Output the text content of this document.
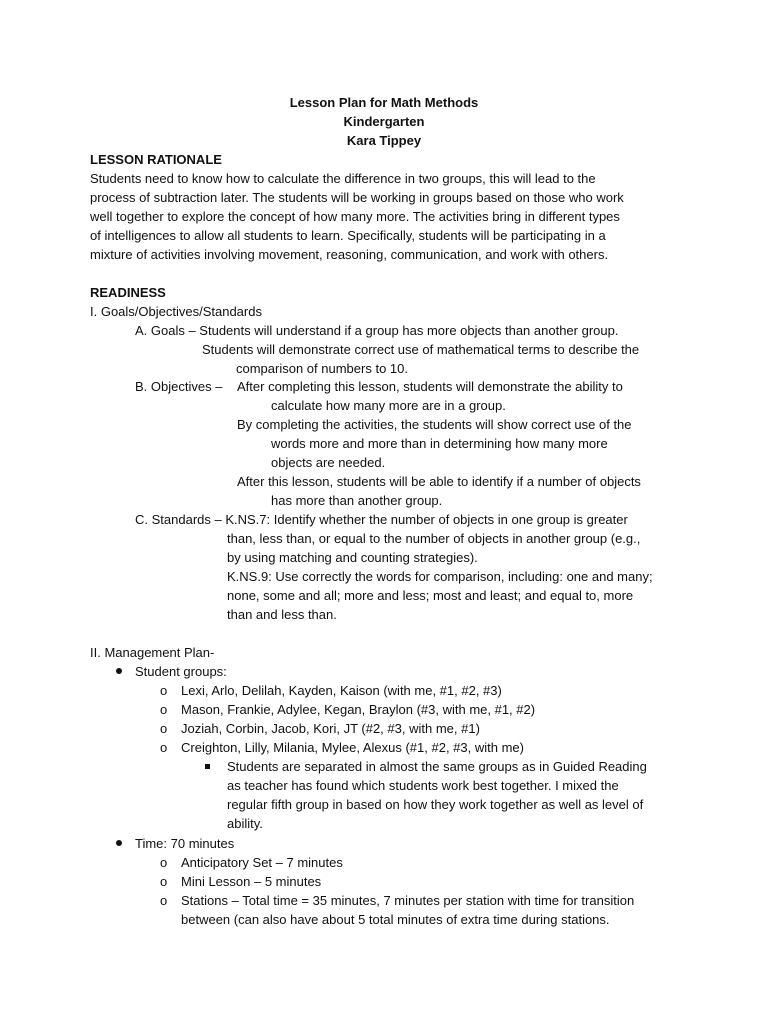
Lesson Plan for Math Methods
Kindergarten
Kara Tippey
LESSON RATIONALE
Students need to know how to calculate the difference in two groups, this will lead to the
process of subtraction later. The students will be working in groups based on those who work
well together to explore the concept of how many more. The activities bring in different types
of intelligences to allow all students to learn. Specifically, students will be participating in a
mixture of activities involving movement, reasoning, communication, and work with others.
READINESS
I. Goals/Objectives/Standards
A. Goals – Students will understand if a group has more objects than another group.
Students will demonstrate correct use of mathematical terms to describe the
comparison of numbers to 10.
B. Objectives – After completing this lesson, students will demonstrate the ability to
calculate how many more are in a group.
By completing the activities, the students will show correct use of the
words more and more than in determining how many more
objects are needed.
After this lesson, students will be able to identify if a number of objects
has more than another group.
C. Standards – K.NS.7: Identify whether the number of objects in one group is greater
than, less than, or equal to the number of objects in another group (e.g.,
by using matching and counting strategies).
K.NS.9: Use correctly the words for comparison, including: one and many;
none, some and all; more and less; most and least; and equal to, more
than and less than.
II. Management Plan-
Student groups:
o Lexi, Arlo, Delilah, Kayden, Kaison (with me, #1, #2, #3)
o Mason, Frankie, Adylee, Kegan, Braylon (#3, with me, #1, #2)
o Joziah, Corbin, Jacob, Kori, JT (#2, #3, with me, #1)
o Creighton, Lilly, Milania, Mylee, Alexus (#1, #2, #3, with me)
Students are separated in almost the same groups as in Guided Reading
as teacher has found which students work best together. I mixed the
regular fifth group in based on how they work together as well as level of
ability.
Time: 70 minutes
o Anticipatory Set – 7 minutes
o Mini Lesson – 5 minutes
o Stations – Total time = 35 minutes, 7 minutes per station with time for transition
between (can also have about 5 total minutes of extra time during stations.
